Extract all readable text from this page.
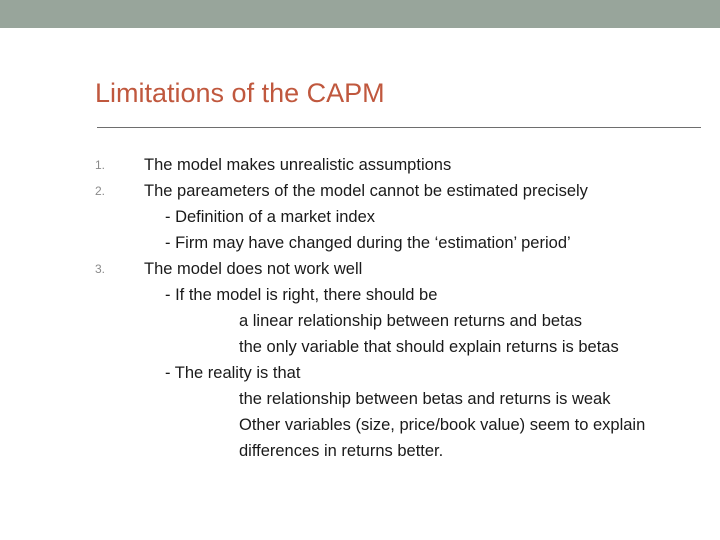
Limitations of the CAPM
1. The model makes unrealistic assumptions
2. The pareameters of the model cannot be estimated precisely
- Definition of a market index
- Firm may have changed during the ‘estimation’ period’
3. The model does not work well
- If the model is right, there should be
a linear relationship between returns and betas
the only variable that should explain returns is betas
- The reality is that
the relationship between betas and returns is weak
Other variables (size, price/book value) seem to explain
differences in returns better.
